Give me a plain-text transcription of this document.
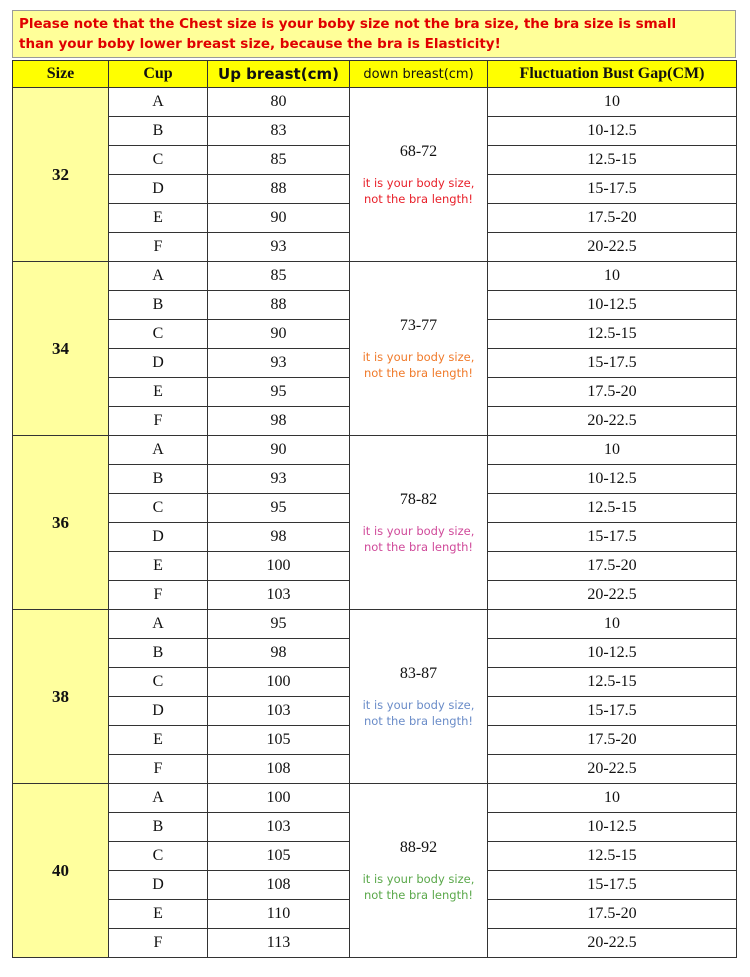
Please note that the Chest size is your boby size not the bra size, the bra size is small
than your boby lower breast size, because the bra is Elasticity!
Size	Cup	Up breast(cm)	down breast(cm)	Fluctuation Bust Gap(CM)
32	A	80	68-72
it is your body size,
not the bra length!	10
	B	83		10-12.5
	C	85		12.5-15
	D	88		15-17.5
	E	90		17.5-20
	F	93		20-22.5
34	A	85	73-77
it is your body size,
not the bra length!	10
	B	88		10-12.5
	C	90		12.5-15
	D	93		15-17.5
	E	95		17.5-20
	F	98		20-22.5
36	A	90	78-82
it is your body size,
not the bra length!	10
	B	93		10-12.5
	C	95		12.5-15
	D	98		15-17.5
	E	100		17.5-20
	F	103		20-22.5
38	A	95	83-87
it is your body size,
not the bra length!	10
	B	98		10-12.5
	C	100		12.5-15
	D	103		15-17.5
	E	105		17.5-20
	F	108		20-22.5
40	A	100	88-92
it is your body size,
not the bra length!	10
	B	103		10-12.5
	C	105		12.5-15
	D	108		15-17.5
	E	110		17.5-20
	F	113		20-22.5
